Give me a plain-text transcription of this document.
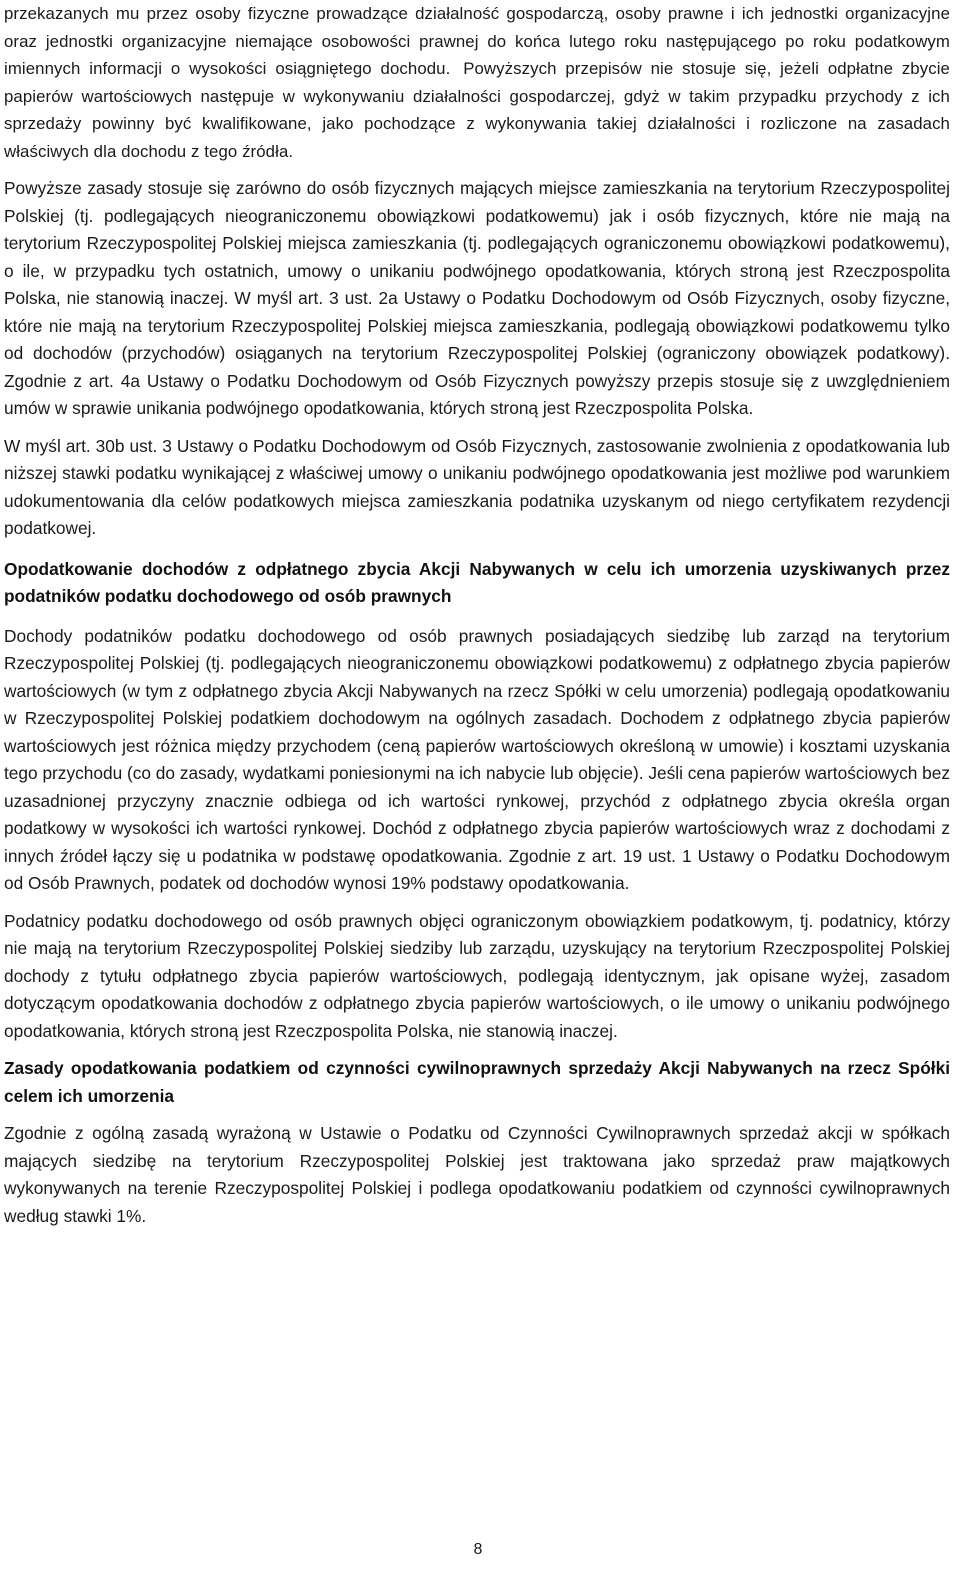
przekazanych mu przez osoby fizyczne prowadzące działalność gospodarczą, osoby prawne i ich jednostki organizacyjne oraz jednostki organizacyjne niemające osobowości prawnej do końca lutego roku następującego po roku podatkowym imiennych informacji o wysokości osiągniętego dochodu.

Powyższych przepisów nie stosuje się, jeżeli odpłatne zbycie papierów wartościowych następuje w wykonywaniu działalności gospodarczej, gdyż w takim przypadku przychody z ich sprzedaży powinny być kwalifikowane, jako pochodzące z wykonywania takiej działalności i rozliczone na zasadach właściwych dla dochodu z tego źródła.

Powyższe zasady stosuje się zarówno do osób fizycznych mających miejsce zamieszkania na terytorium Rzeczypospolitej Polskiej (tj. podlegających nieograniczonemu obowiązkowi podatkowemu) jak i osób fizycznych, które nie mają na terytorium Rzeczypospolitej Polskiej miejsca zamieszkania (tj. podlegających ograniczonemu obowiązkowi podatkowemu), o ile, w przypadku tych ostatnich, umowy o unikaniu podwójnego opodatkowania, których stroną jest Rzeczpospolita Polska, nie stanowią inaczej. W myśl art. 3 ust. 2a Ustawy o Podatku Dochodowym od Osób Fizycznych, osoby fizyczne, które nie mają na terytorium Rzeczypospolitej Polskiej miejsca zamieszkania, podlegają obowiązkowi podatkowemu tylko od dochodów (przychodów) osiąganych na terytorium Rzeczypospolitej Polskiej (ograniczony obowiązek podatkowy). Zgodnie z art. 4a Ustawy o Podatku Dochodowym od Osób Fizycznych powyższy przepis stosuje się z uwzględnieniem umów w sprawie unikania podwójnego opodatkowania, których stroną jest Rzeczpospolita Polska.

W myśl art. 30b ust. 3 Ustawy o Podatku Dochodowym od Osób Fizycznych, zastosowanie zwolnienia z opodatkowania lub niższej stawki podatku wynikającej z właściwej umowy o unikaniu podwójnego opodatkowania jest możliwe pod warunkiem udokumentowania dla celów podatkowych miejsca zamieszkania podatnika uzyskanym od niego certyfikatem rezydencji podatkowej.

Opodatkowanie dochodów z odpłatnego zbycia Akcji Nabywanych w celu ich umorzenia uzyskiwanych przez podatników podatku dochodowego od osób prawnych

Dochody podatników podatku dochodowego od osób prawnych posiadających siedzibę lub zarząd na terytorium Rzeczypospolitej Polskiej (tj. podlegających nieograniczonemu obowiązkowi podatkowemu) z odpłatnego zbycia papierów wartościowych (w tym z odpłatnego zbycia Akcji Nabywanych na rzecz Spółki w celu umorzenia) podlegają opodatkowaniu w Rzeczypospolitej Polskiej podatkiem dochodowym na ogólnych zasadach. Dochodem z odpłatnego zbycia papierów wartościowych jest różnica między przychodem (ceną papierów wartościowych określoną w umowie) i kosztami uzyskania tego przychodu (co do zasady, wydatkami poniesionymi na ich nabycie lub objęcie). Jeśli cena papierów wartościowych bez uzasadnionej przyczyny znacznie odbiega od ich wartości rynkowej, przychód z odpłatnego zbycia określa organ podatkowy w wysokości ich wartości rynkowej. Dochód z odpłatnego zbycia papierów wartościowych wraz z dochodami z innych źródeł łączy się u podatnika w podstawę opodatkowania. Zgodnie z art. 19 ust. 1 Ustawy o Podatku Dochodowym od Osób Prawnych, podatek od dochodów wynosi 19% podstawy opodatkowania.

Podatnicy podatku dochodowego od osób prawnych objęci ograniczonym obowiązkiem podatkowym, tj. podatnicy, którzy nie mają na terytorium Rzeczypospolitej Polskiej siedziby lub zarządu, uzyskujący na terytorium Rzeczpospolitej Polskiej dochody z tytułu odpłatnego zbycia papierów wartościowych, podlegają identycznym, jak opisane wyżej, zasadom dotyczącym opodatkowania dochodów z odpłatnego zbycia papierów wartościowych, o ile umowy o unikaniu podwójnego opodatkowania, których stroną jest Rzeczpospolita Polska, nie stanowią inaczej.

Zasady opodatkowania podatkiem od czynności cywilnoprawnych sprzedaży Akcji Nabywanych na rzecz Spółki celem ich umorzenia

Zgodnie z ogólną zasadą wyrażoną w Ustawie o Podatku od Czynności Cywilnoprawnych sprzedaż akcji w spółkach mających siedzibę na terytorium Rzeczypospolitej Polskiej jest traktowana jako sprzedaż praw majątkowych wykonywanych na terenie Rzeczypospolitej Polskiej i podlega opodatkowaniu podatkiem od czynności cywilnoprawnych według stawki 1%.

8
